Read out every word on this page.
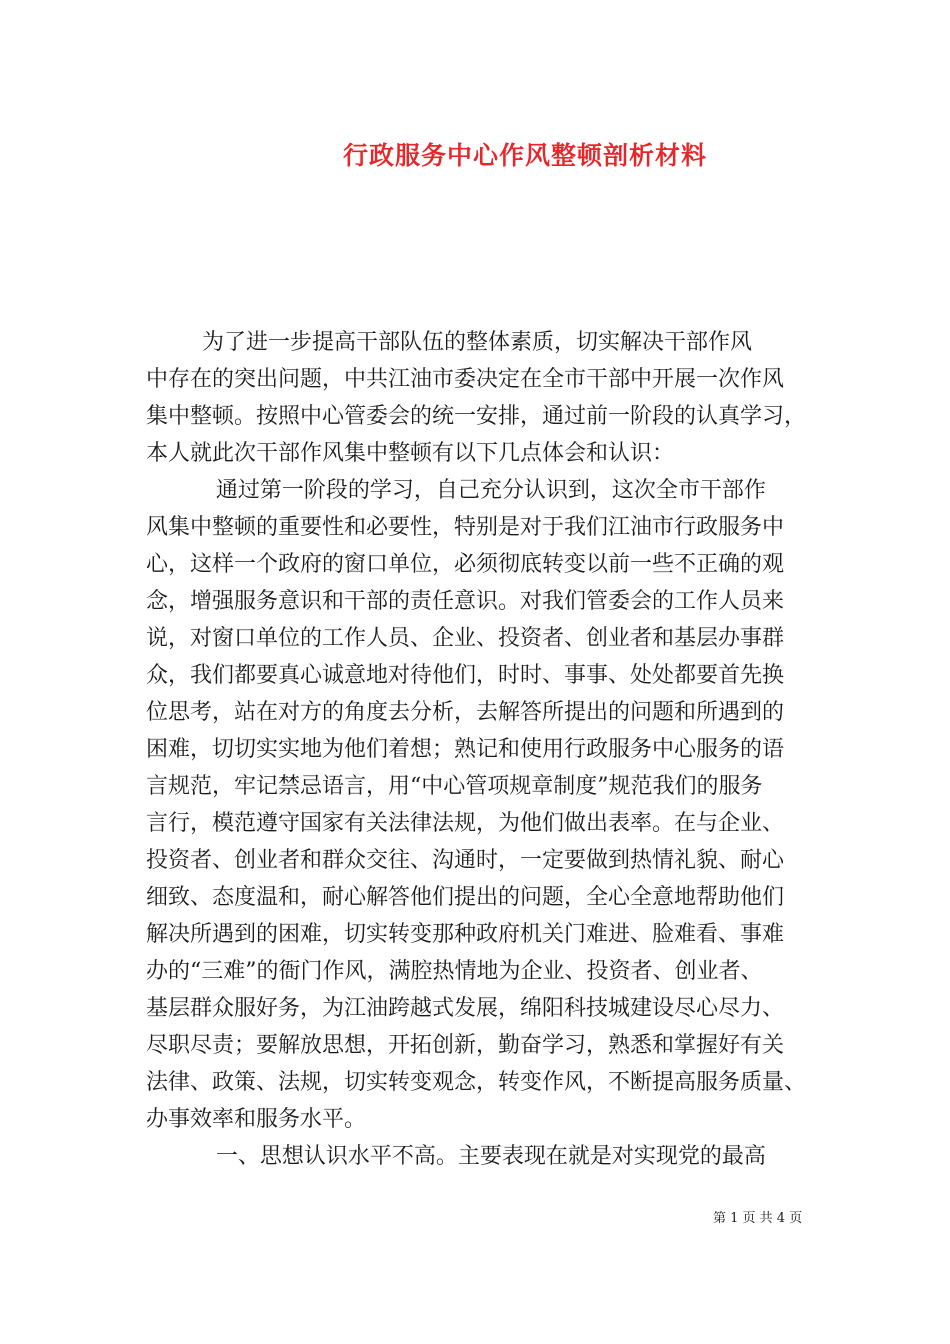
行政服务中心作风整顿剖析材料
为了进一步提高干部队伍的整体素质，切实解决干部作风
中存在的突出问题，中共江油市委决定在全市干部中开展一次作风
集中整顿。按照中心管委会的统一安排，通过前一阶段的认真学习，
本人就此次干部作风集中整顿有以下几点体会和认识：
通过第一阶段的学习，自己充分认识到，这次全市干部作
风集中整顿的重要性和必要性，特别是对于我们江油市行政服务中
心，这样一个政府的窗口单位，必须彻底转变以前一些不正确的观
念，增强服务意识和干部的责任意识。对我们管委会的工作人员来
说，对窗口单位的工作人员、企业、投资者、创业者和基层办事群
众，我们都要真心诚意地对待他们，时时、事事、处处都要首先换
位思考，站在对方的角度去分析，去解答所提出的问题和所遇到的
困难，切切实实地为他们着想；熟记和使用行政服务中心服务的语
言规范，牢记禁忌语言，用“中心管项规章制度”规范我们的服务
言行，模范遵守国家有关法律法规，为他们做出表率。在与企业、
投资者、创业者和群众交往、沟通时，一定要做到热情礼貌、耐心
细致、态度温和，耐心解答他们提出的问题，全心全意地帮助他们
解决所遇到的困难，切实转变那种政府机关门难进、脸难看、事难
办的“三难”的衙门作风，满腔热情地为企业、投资者、创业者、
基层群众服好务，为江油跨越式发展，绵阳科技城建设尽心尽力、
尽职尽责；要解放思想，开拓创新，勤奋学习，熟悉和掌握好有关
法律、政策、法规，切实转变观念，转变作风，不断提高服务质量、
办事效率和服务水平。
一、思想认识水平不高。主要表现在就是对实现党的最高
第 1 页 共 4 页
